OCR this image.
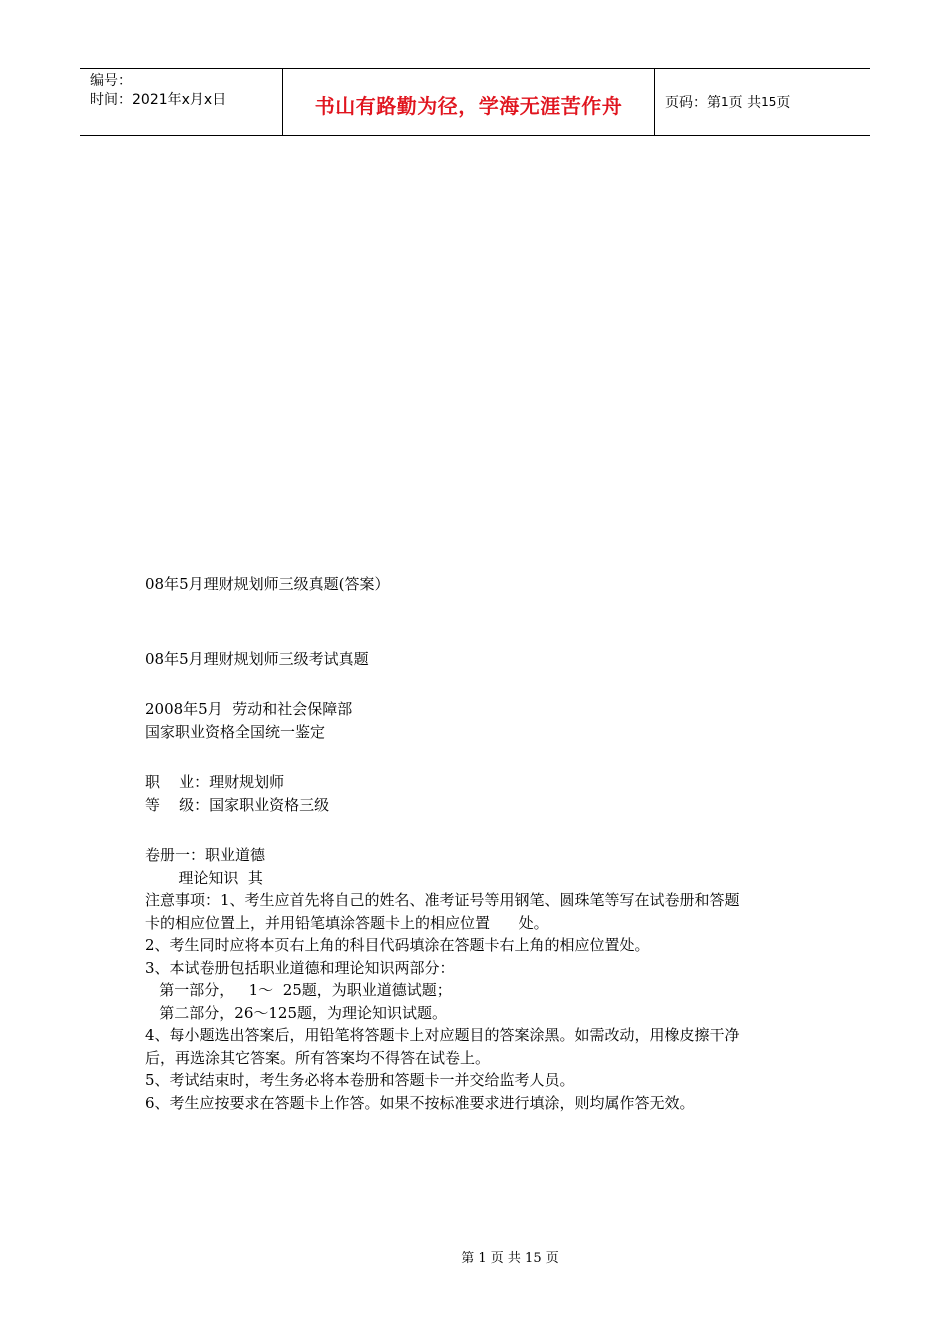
编号：
时间：2021年x月x日	书山有路勤为径，学海无涯苦作舟	页码：第 1 页 共 15 页
08年5月理财规划师三级真题(答案）
08年5月理财规划师三级考试真题
2008年5月  劳动和社会保障部
国家职业资格全国统一鉴定
职    业：理财规划师
等    级：国家职业资格三级
卷册一：职业道德
理论知识  其
注意事项：1、考生应首先将自己的姓名、准考证号等用钢笔、圆珠笔等写在试卷册和答题
卡的相应位置上，并用铅笔填涂答题卡上的相应位置      处。
2、考生同时应将本页右上角的科目代码填涂在答题卡右上角的相应位置处。
3、本试卷册包括职业道德和理论知识两部分：
第一部分，   1～  25题，为职业道德试题；
第二部分，26～125题，为理论知识试题。
4、每小题选出答案后，用铅笔将答题卡上对应题目的答案涂黑。如需改动，用橡皮擦干净
后，再选涂其它答案。所有答案均不得答在试卷上。
5、考试结束时，考生务必将本卷册和答题卡一并交给监考人员。
6、考生应按要求在答题卡上作答。如果不按标准要求进行填涂，则均属作答无效。
第 1 页 共 15 页
